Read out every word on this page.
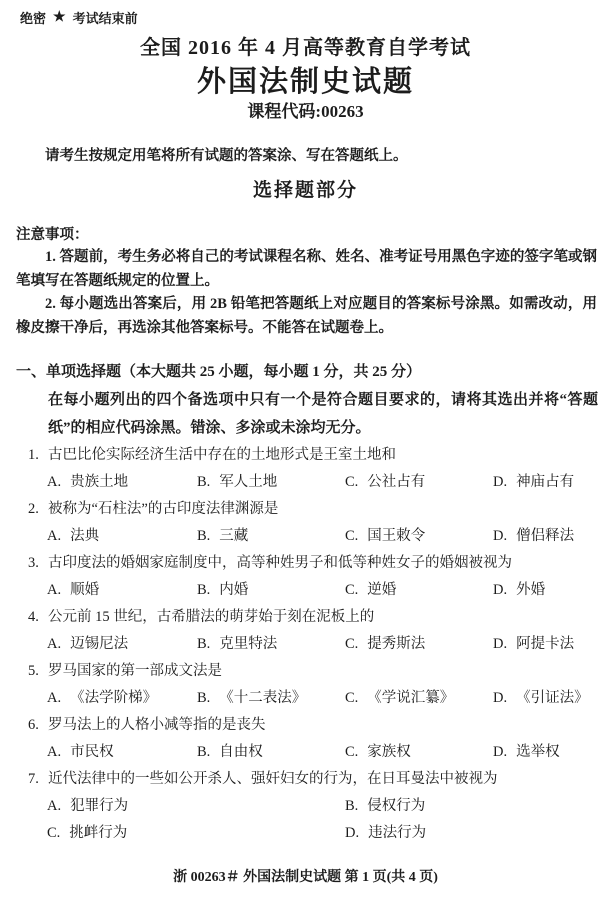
绝密 ★ 考试结束前
全国 2016 年 4 月高等教育自学考试
外国法制史试题
课程代码:00263

请考生按规定用笔将所有试题的答案涂、写在答题纸上。

选择题部分
注意事项：

1. 答题前，考生务必将自己的考试课程名称、姓名、准考证号用黑色字迹的签字笔或钢笔填写在答题纸规定的位置上。

2. 每小题选出答案后，用 2B 铅笔把答题纸上对应题目的答案标号涂黑。如需改动，用橡皮擦干净后，再选涂其他答案标号。不能答在试题卷上。

一、单项选择题（本大题共 25 小题，每小题 1 分，共 25 分）

在每小题列出的四个备选项中只有一个是符合题目要求的，请将其选出并将“答题纸”的相应代码涂黑。错涂、多涂或未涂均无分。

1. 古巴比伦实际经济生活中存在的土地形式是王室土地和
A. 贵族土地	B. 军人土地	C. 公社占有	D. 神庙占有
2. 被称为“石柱法”的古印度法律渊源是
A. 法典	B. 三藏	C. 国王敕令	D. 僧侣释法
3. 古印度法的婚姻家庭制度中，高等种姓男子和低等种姓女子的婚姻被视为
A. 顺婚	B. 内婚	C. 逆婚	D. 外婚
4. 公元前 15 世纪，古希腊法的萌芽始于刻在泥板上的
A. 迈锡尼法	B. 克里特法	C. 提秀斯法	D. 阿提卡法
5. 罗马国家的第一部成文法是
A. 《法学阶梯》	B. 《十二表法》	C. 《学说汇纂》	D. 《引证法》
6. 罗马法上的人格小减等指的是丧失
A. 市民权	B. 自由权	C. 家族权	D. 选举权
7. 近代法律中的一些如公开杀人、强奸妇女的行为，在日耳曼法中被视为
A. 犯罪行为	B. 侵权行为
C. 挑衅行为	D. 违法行为
浙 00263＃ 外国法制史试题 第 1 页(共 4 页)
